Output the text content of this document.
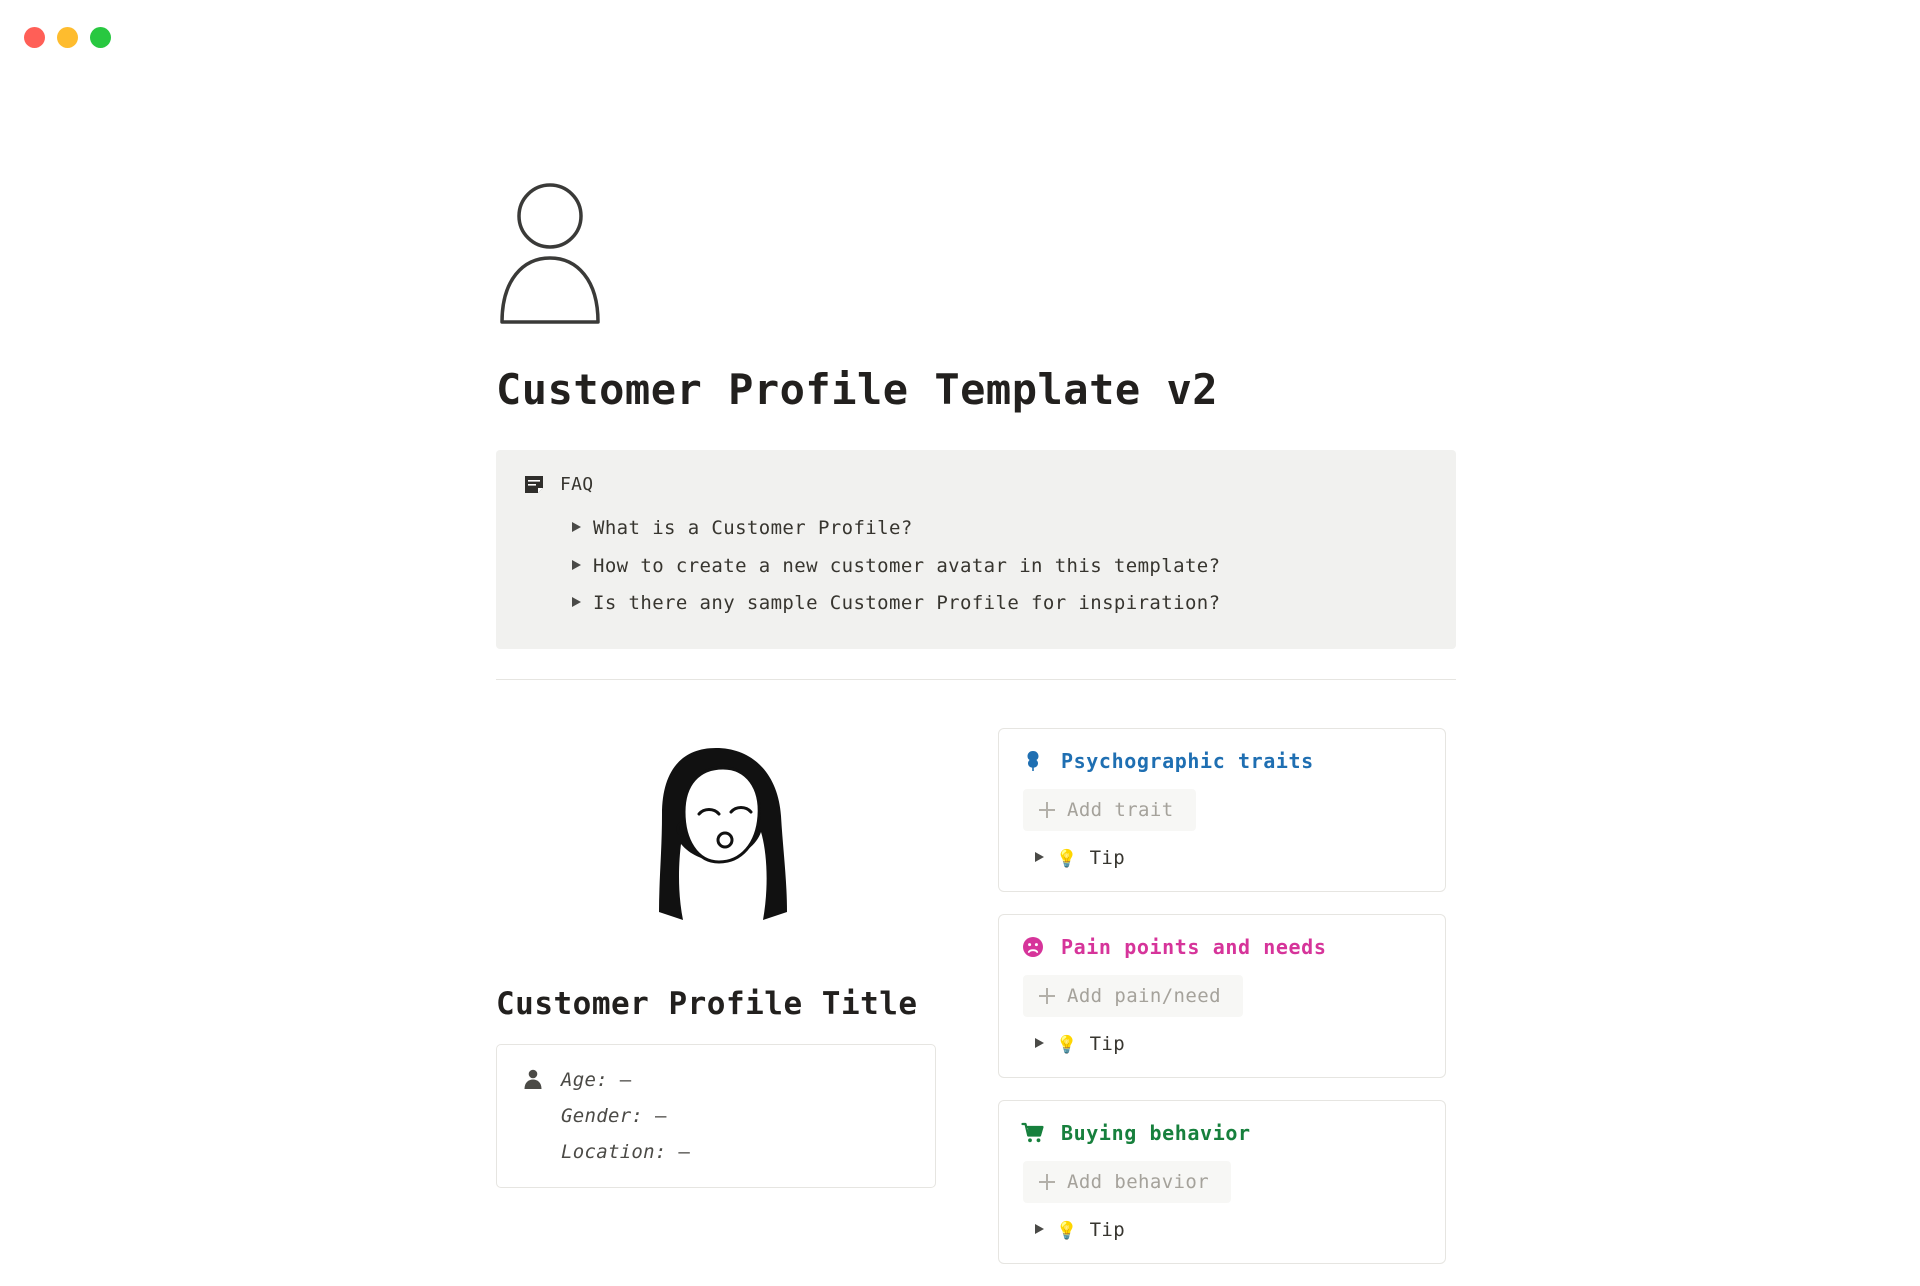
Customer Profile Template v2
FAQ
What is a Customer Profile?
How to create a new customer avatar in this template?
Is there any sample Customer Profile for inspiration?
Customer Profile Title
Age: —
Gender: —
Location: —
Psychographic traits
Add trait
💡 Tip
Pain points and needs
Add pain/need
💡 Tip
Buying behavior
Add behavior
💡 Tip
